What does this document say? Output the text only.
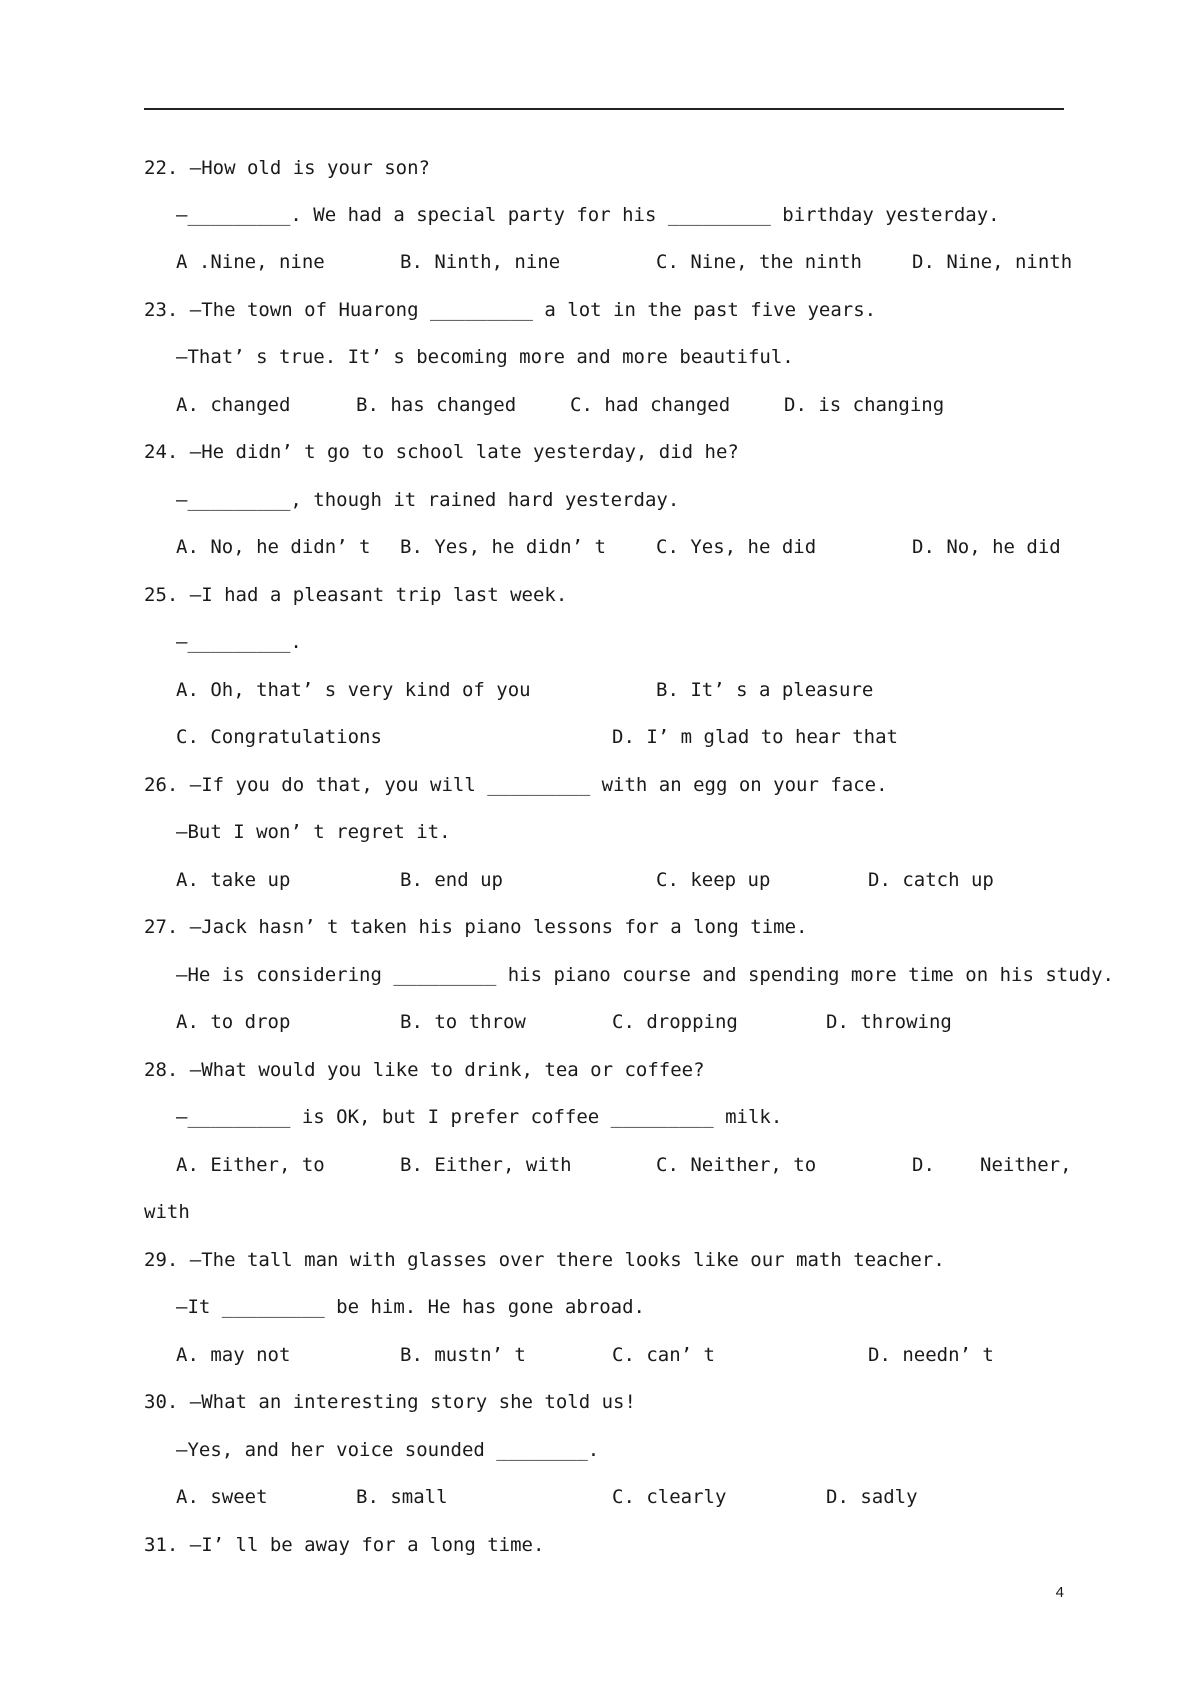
22. —How old is your son?
—_________. We had a special party for his _________ birthday yesterday.
A .Nine, nine	B. Ninth, nine	C. Nine, the ninth	D. Nine, ninth
23. —The town of Huarong _________ a lot in the past five years.
—That’ s true. It’ s becoming more and more beautiful.
A. changed	B. has changed	C. had changed	D. is changing
24. —He didn’ t go to school late yesterday, did he?
—_________, though it rained hard yesterday.
A. No, he didn’ t B. Yes, he didn’ t	C. Yes, he did	D. No, he did
25. —I had a pleasant trip last week.
—_________.
A. Oh, that’ s very kind of you	B. It’ s a pleasure
C. Congratulations	D. I’ m glad to hear that
26. —If you do that, you will _________ with an egg on your face.
—But I won’ t regret it.
A. take up	B. end up	C. keep up	D. catch up
27. —Jack hasn’ t taken his piano lessons for a long time.
—He is considering _________ his piano course and spending more time on his study.
A. to drop	B. to throw	C. dropping	D. throwing
28. —What would you like to drink, tea or coffee?
—_________ is OK, but I prefer coffee _________ milk.
A. Either, to	B. Either, with	C. Neither, to	D. Neither,
with
29. —The tall man with glasses over there looks like our math teacher.
—It _________ be him. He has gone abroad.
A. may not	B. mustn’ t	C. can’ t	D. needn’ t
30. —What an interesting story she told us!
—Yes, and her voice sounded ________.
A. sweet	B. small	C. clearly	D. sadly
31. —I’ ll be away for a long time.
4
